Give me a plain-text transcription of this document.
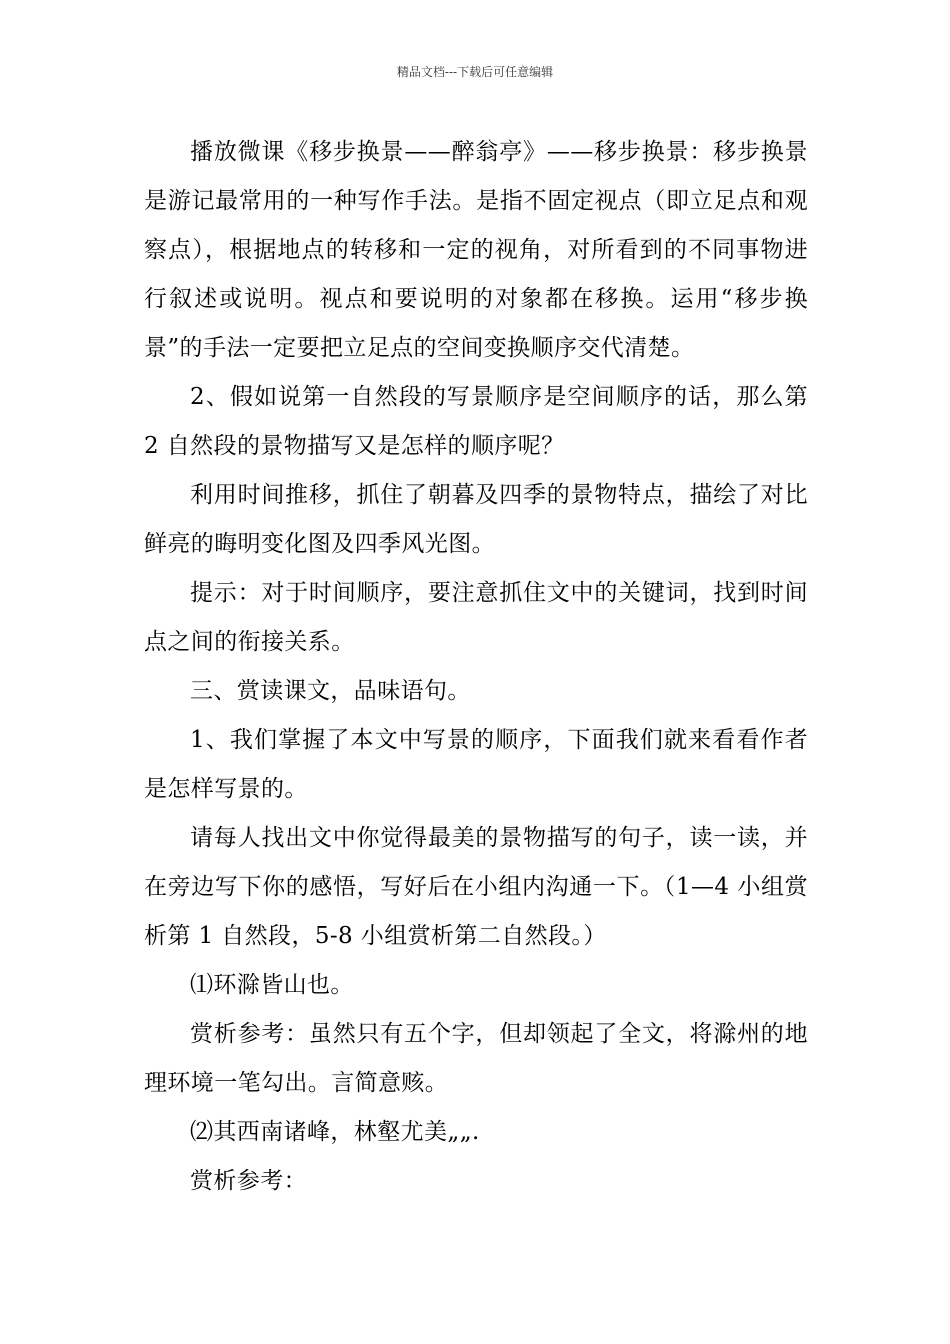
精品文档---下载后可任意编辑

播放微课《移步换景——醉翁亭》——移步换景：移步换景是游记最常用的一种写作手法。是指不固定视点（即立足点和观察点），根据地点的转移和一定的视角，对所看到的不同事物进行叙述或说明。视点和要说明的对象都在移换。运用“移步换景”的手法一定要把立足点的空间变换顺序交代清楚。

2、假如说第一自然段的写景顺序是空间顺序的话，那么第 2 自然段的景物描写又是怎样的顺序呢？

利用时间推移，抓住了朝暮及四季的景物特点，描绘了对比鲜亮的晦明变化图及四季风光图。

提示：对于时间顺序，要注意抓住文中的关键词，找到时间点之间的衔接关系。

三、赏读课文，品味语句。

1、我们掌握了本文中写景的顺序，下面我们就来看看作者是怎样写景的。

请每人找出文中你觉得最美的景物描写的句子，读一读，并在旁边写下你的感悟，写好后在小组内沟通一下。（1—4 小组赏析第 1 自然段，5-8 小组赏析第二自然段。）

⑴环滁皆山也。

赏析参考：虽然只有五个字，但却领起了全文，将滁州的地理环境一笔勾出。言简意赅。

⑵其西南诸峰，林壑尤美„„.

赏析参考：
